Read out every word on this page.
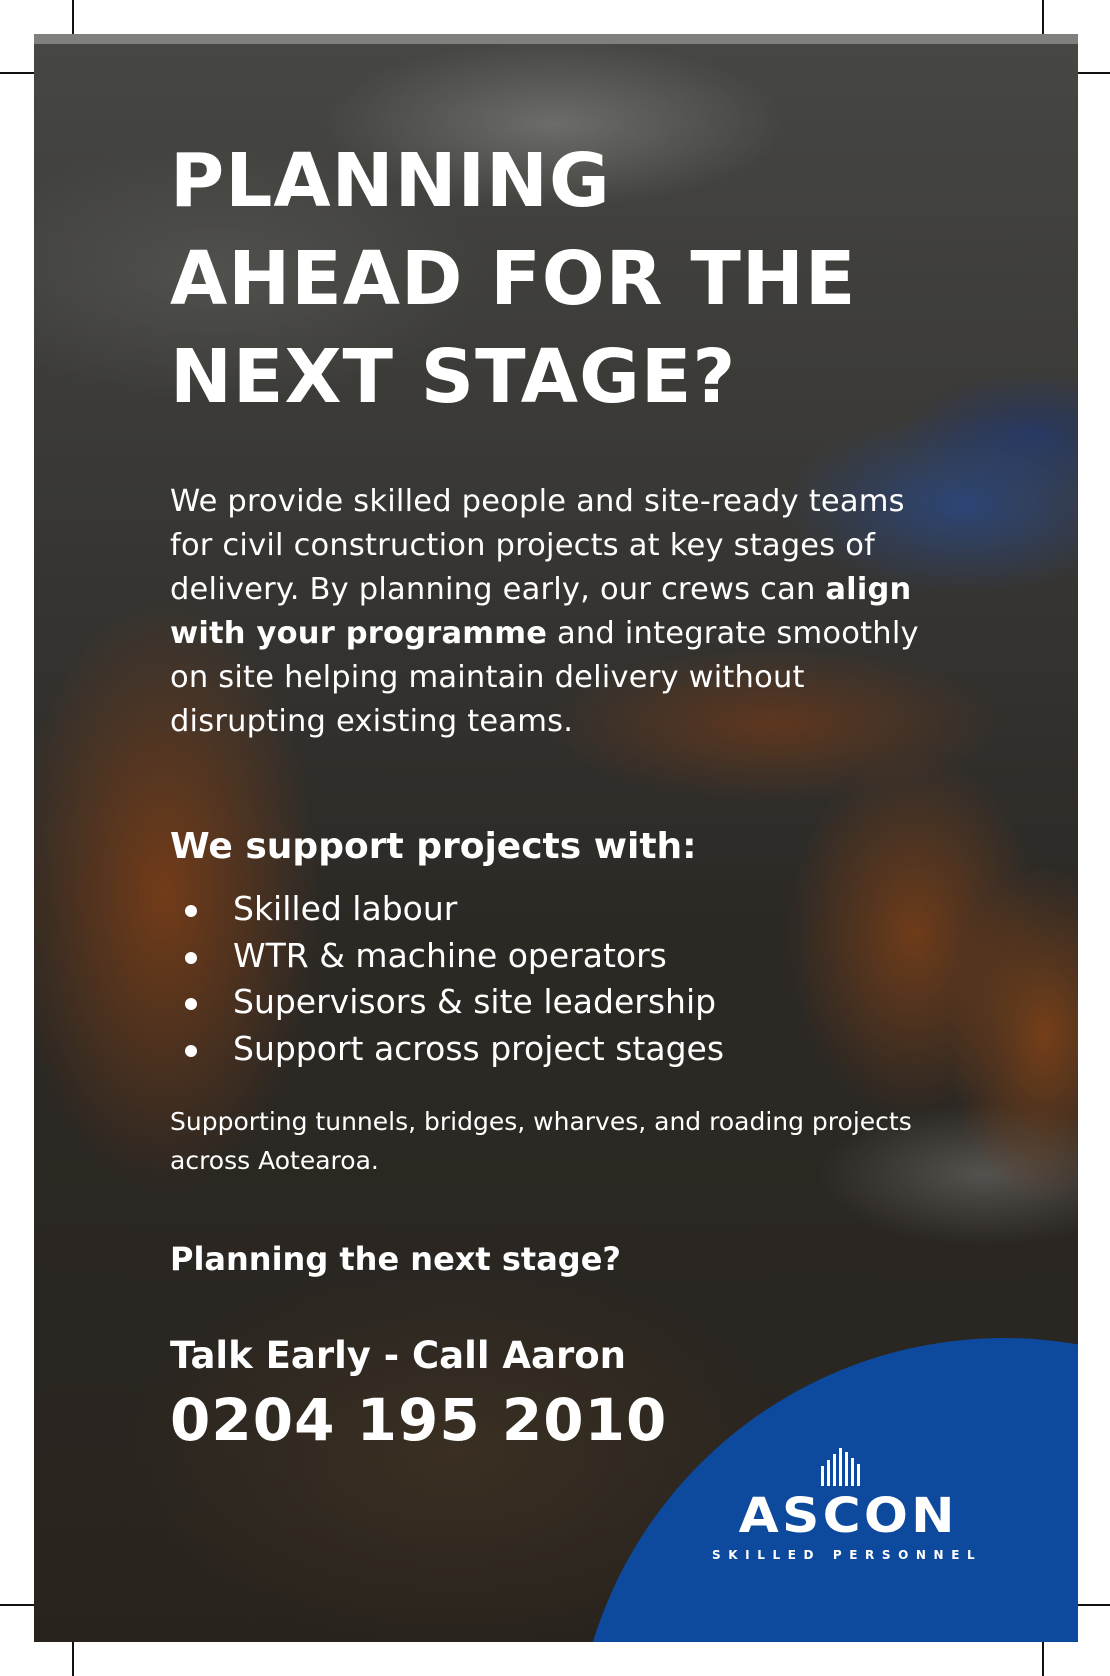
PLANNING
AHEAD FOR THE
NEXT STAGE?

We provide skilled people and site-ready teams for civil construction projects at key stages of delivery. By planning early, our crews can align with your programme and integrate smoothly on site helping maintain delivery without disrupting existing teams.

We support projects with:
Skilled labour
WTR & machine operators
Supervisors & site leadership
Support across project stages

Supporting tunnels, bridges, wharves, and roading projects across Aotearoa.

Planning the next stage?

Talk Early - Call Aaron

0204 195 2010

ASCON
SKILLED PERSONNEL
